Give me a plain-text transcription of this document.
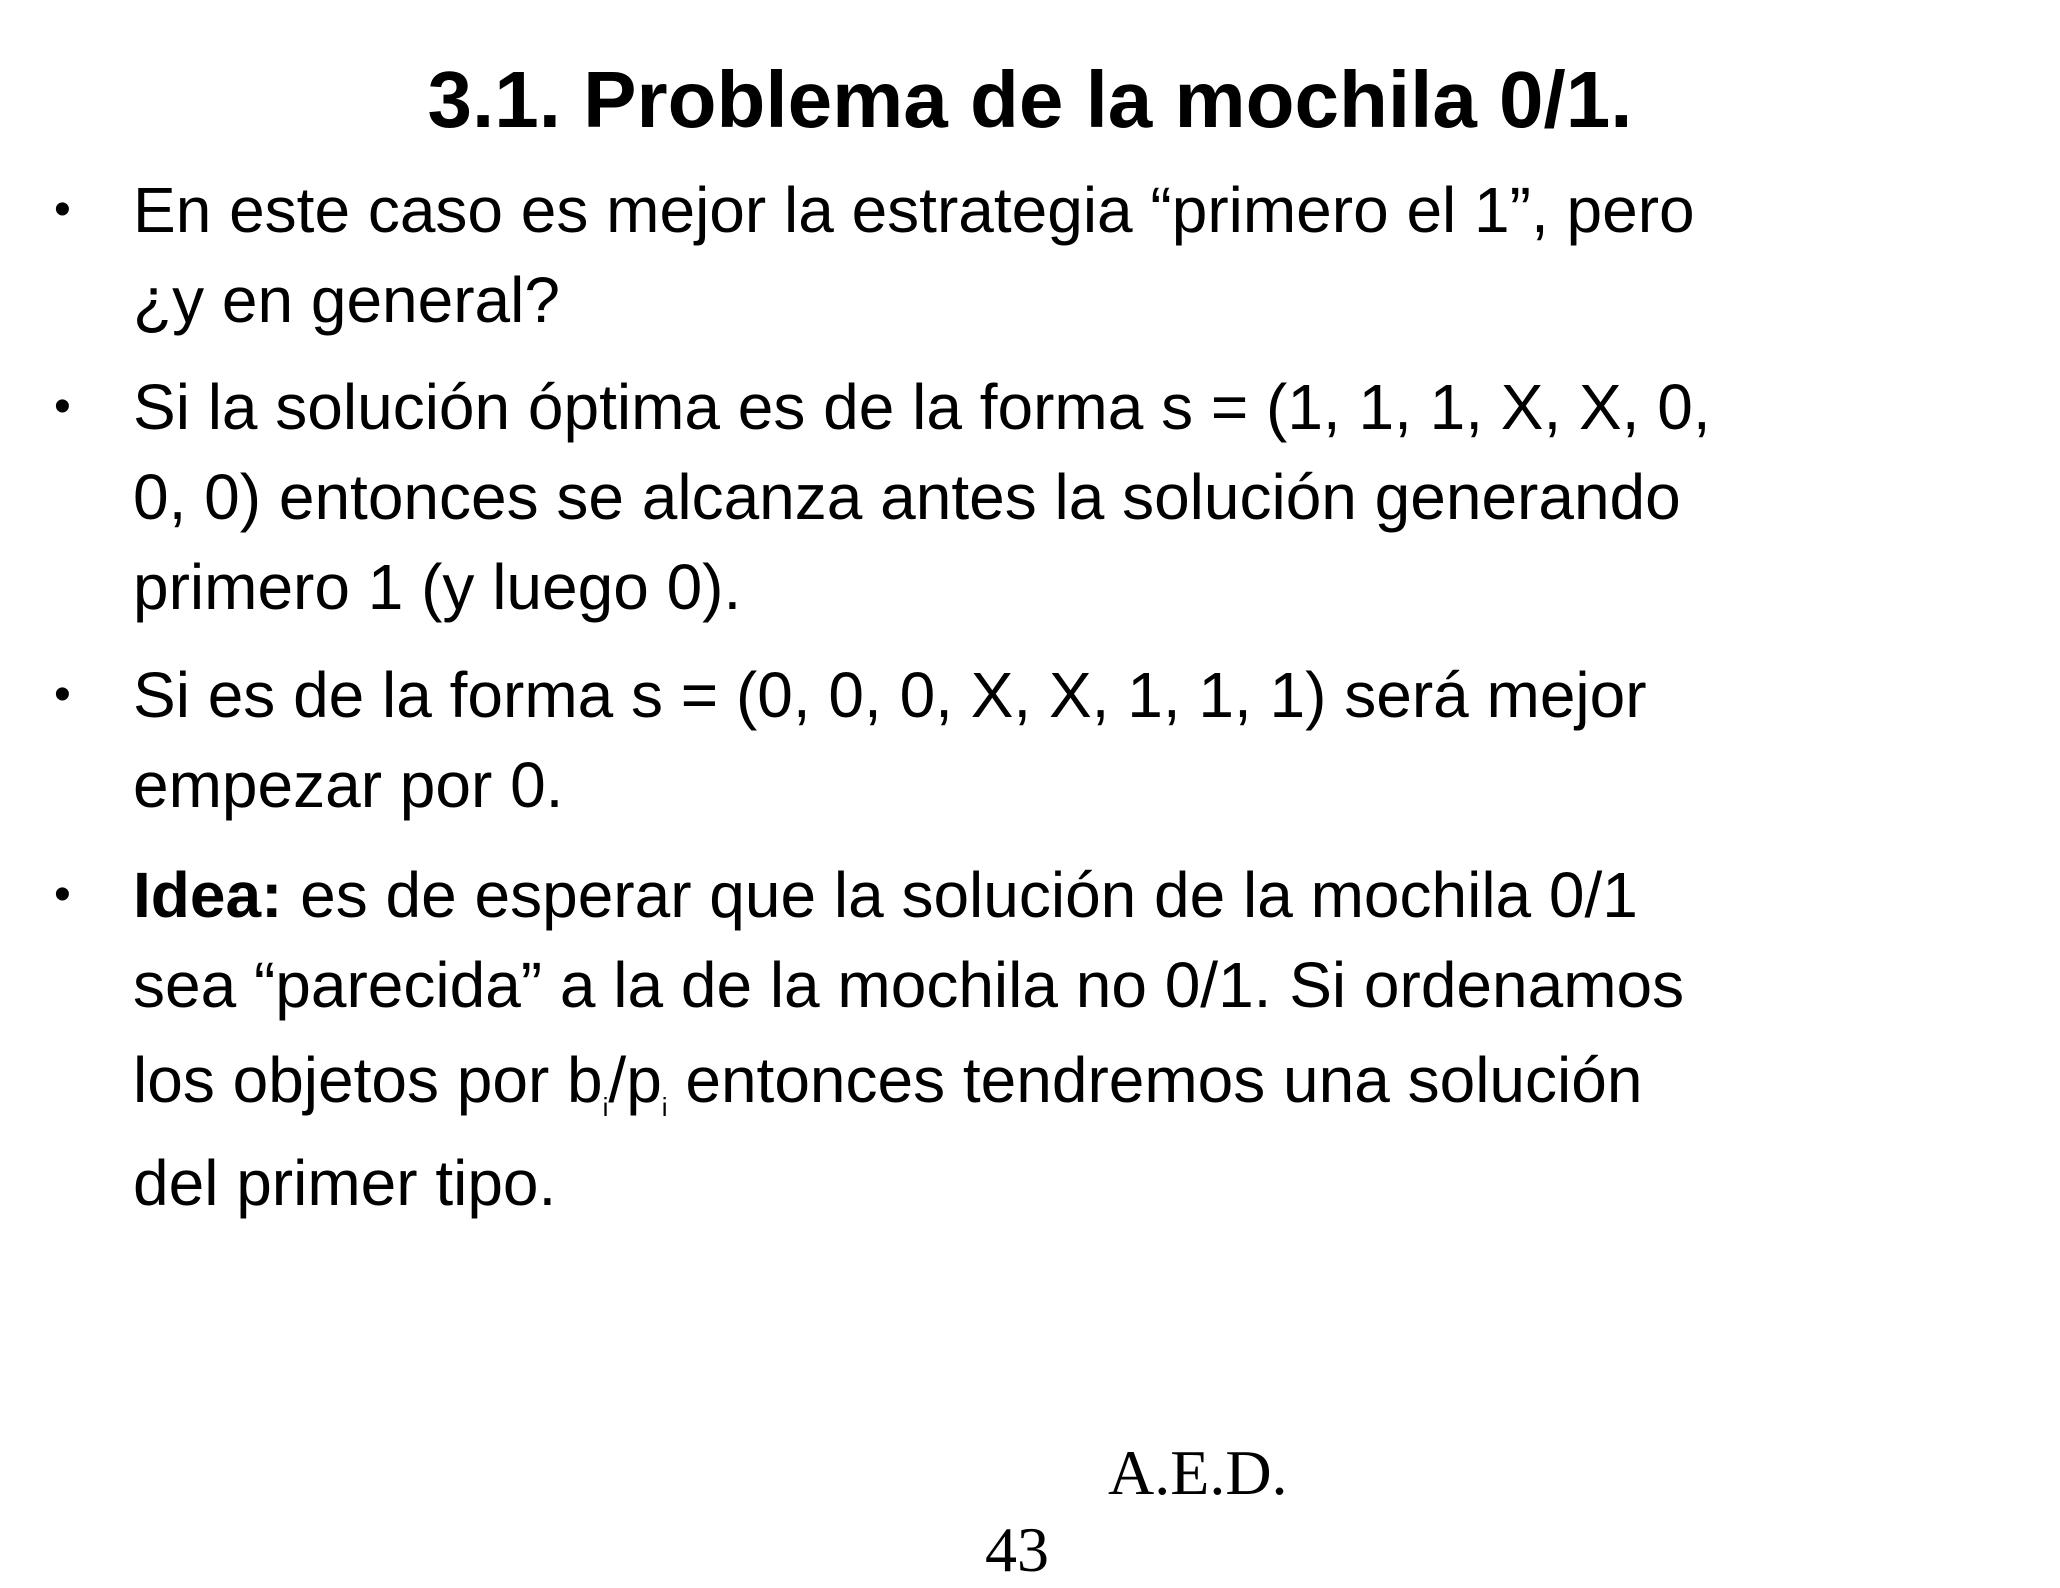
3.1. Problema de la mochila 0/1.
• En este caso es mejor la estrategia “primero el 1”, pero
¿y en general?
• Si la solución óptima es de la forma s = (1, 1, 1, X, X, 0,
0, 0) entonces se alcanza antes la solución generando
primero 1 (y luego 0).
• Si es de la forma s = (0, 0, 0, X, X, 1, 1, 1) será mejor
empezar por 0.
• Idea: es de esperar que la solución de la mochila 0/1
sea “parecida” a la de la mochila no 0/1. Si ordenamos
los objetos por $b_i/p_i$ entonces tendremos una solución
del primer tipo.
A.E.D.
43
